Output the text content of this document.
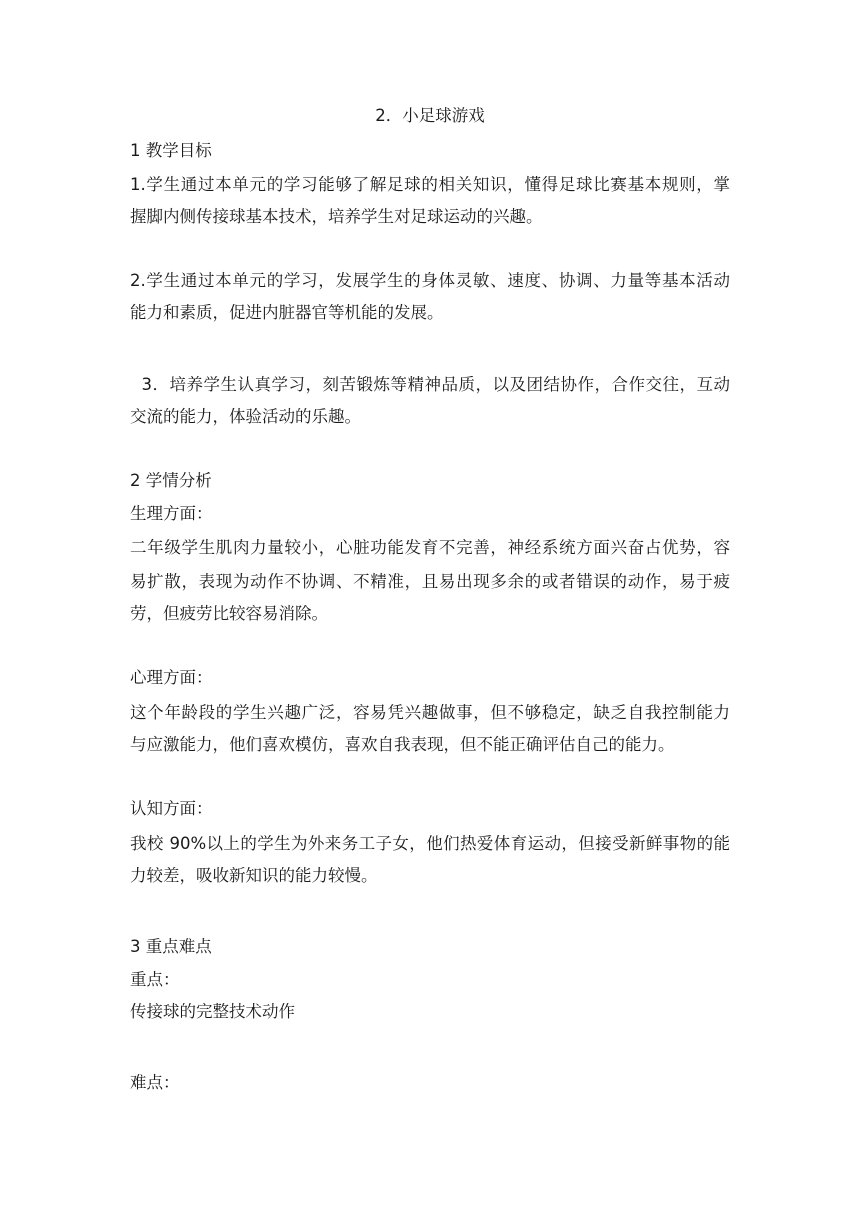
2．小足球游戏
1 教学目标
1.学生通过本单元的学习能够了解足球的相关知识，懂得足球比赛基本规则，掌
握脚内侧传接球基本技术，培养学生对足球运动的兴趣。
2.学生通过本单元的学习，发展学生的身体灵敏、速度、协调、力量等基本活动
能力和素质，促进内脏器官等机能的发展。
3．培养学生认真学习，刻苦锻炼等精神品质，以及团结协作，合作交往，互动
交流的能力，体验活动的乐趣。
2 学情分析
生理方面：
二年级学生肌肉力量较小，心脏功能发育不完善，神经系统方面兴奋占优势，容
易扩散，表现为动作不协调、不精准，且易出现多余的或者错误的动作，易于疲
劳，但疲劳比较容易消除。
心理方面：
这个年龄段的学生兴趣广泛，容易凭兴趣做事，但不够稳定，缺乏自我控制能力
与应激能力，他们喜欢模仿，喜欢自我表现，但不能正确评估自己的能力。
认知方面：
我校 90%以上的学生为外来务工子女，他们热爱体育运动，但接受新鲜事物的能
力较差，吸收新知识的能力较慢。
3 重点难点
重点：
传接球的完整技术动作
难点：
